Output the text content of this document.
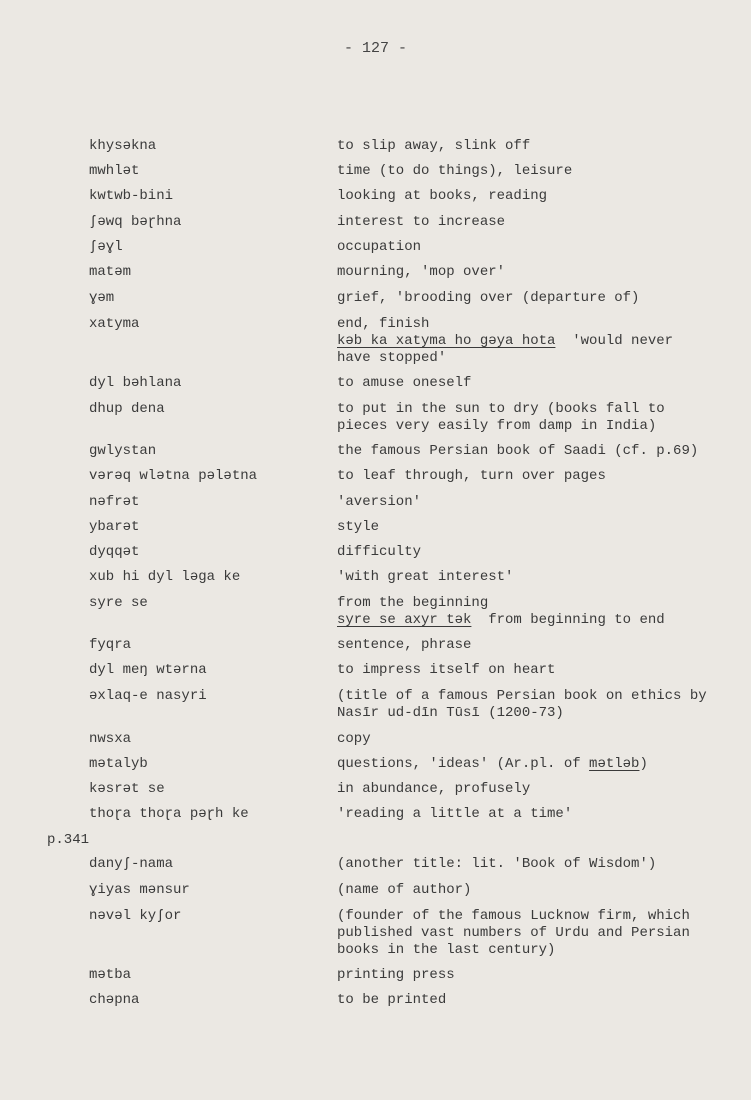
- 127 -
khysəkna	to slip away, slink off
mwhlət	time (to do things), leisure
kwtwb-bini	looking at books, reading
ʃəwq bəɽhna	interest to increase
ʃəɣl	occupation
matəm	mourning, 'mop over'
ɣəm	grief, 'brooding over (departure of)
xatyma	end, finish
kəb ka xatyma ho gəya hota  'would never
have stopped'
dyl bəhlana	to amuse oneself
dhup dena	to put in the sun to dry (books fall to
pieces very easily from damp in India)
gwlystan	the famous Persian book of Saadi (cf. p.69)
vərəq wlətna pələtna	to leaf through, turn over pages
nəfrət	'aversion'
ybarət	style
dyqqət	difficulty
xub hi dyl ləga ke	'with great interest'
syre se	from the beginning
syre se axyr tək  from beginning to end
fyqra	sentence, phrase
dyl meŋ wtərna	to impress itself on heart
əxlaq-e nasyri	(title of a famous Persian book on ethics by
Nasīr ud-dīn Tūsī (1200-73)
nwsxa	copy
mətalyb	questions, 'ideas' (Ar.pl. of mətləb)
kəsrət se	in abundance, profusely
thoɽa thoɽa pəɽh ke	'reading a little at a time'
p.341
danyʃ-nama	(another title: lit. 'Book of Wisdom')
ɣiyas mənsur	(name of author)
nəvəl kyʃor	(founder of the famous Lucknow firm, which
published vast numbers of Urdu and Persian
books in the last century)
mətba	printing press
chəpna	to be printed
